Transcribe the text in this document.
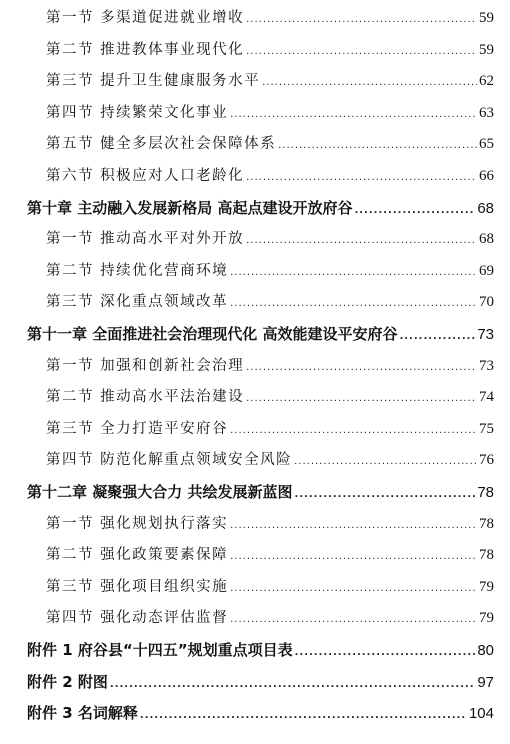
第一节 多渠道促进就业增收 .....	59
第二节 推进教体事业现代化 .....	59
第三节 提升卫生健康服务水平 .....	62
第四节 持续繁荣文化事业 .....	63
第五节 健全多层次社会保障体系 .....	65
第六节 积极应对人口老龄化 .....	66
第十章 主动融入发展新格局 高起点建设开放府谷 .....	68
第一节 推动高水平对外开放 .....	68
第二节 持续优化营商环境 .....	69
第三节 深化重点领域改革 .....	70
第十一章 全面推进社会治理现代化 高效能建设平安府谷 .....	73
第一节 加强和创新社会治理 .....	73
第二节 推动高水平法治建设 .....	74
第三节 全力打造平安府谷 .....	75
第四节 防范化解重点领域安全风险 .....	76
第十二章 凝聚强大合力 共绘发展新蓝图 .....	78
第一节 强化规划执行落实 .....	78
第二节 强化政策要素保障 .....	78
第三节 强化项目组织实施 .....	79
第四节 强化动态评估监督 .....	79
附件 1 府谷县“十四五”规划重点项目表 .....	80
附件 2 附图 .....	97
附件 3 名词解释 .....	104
